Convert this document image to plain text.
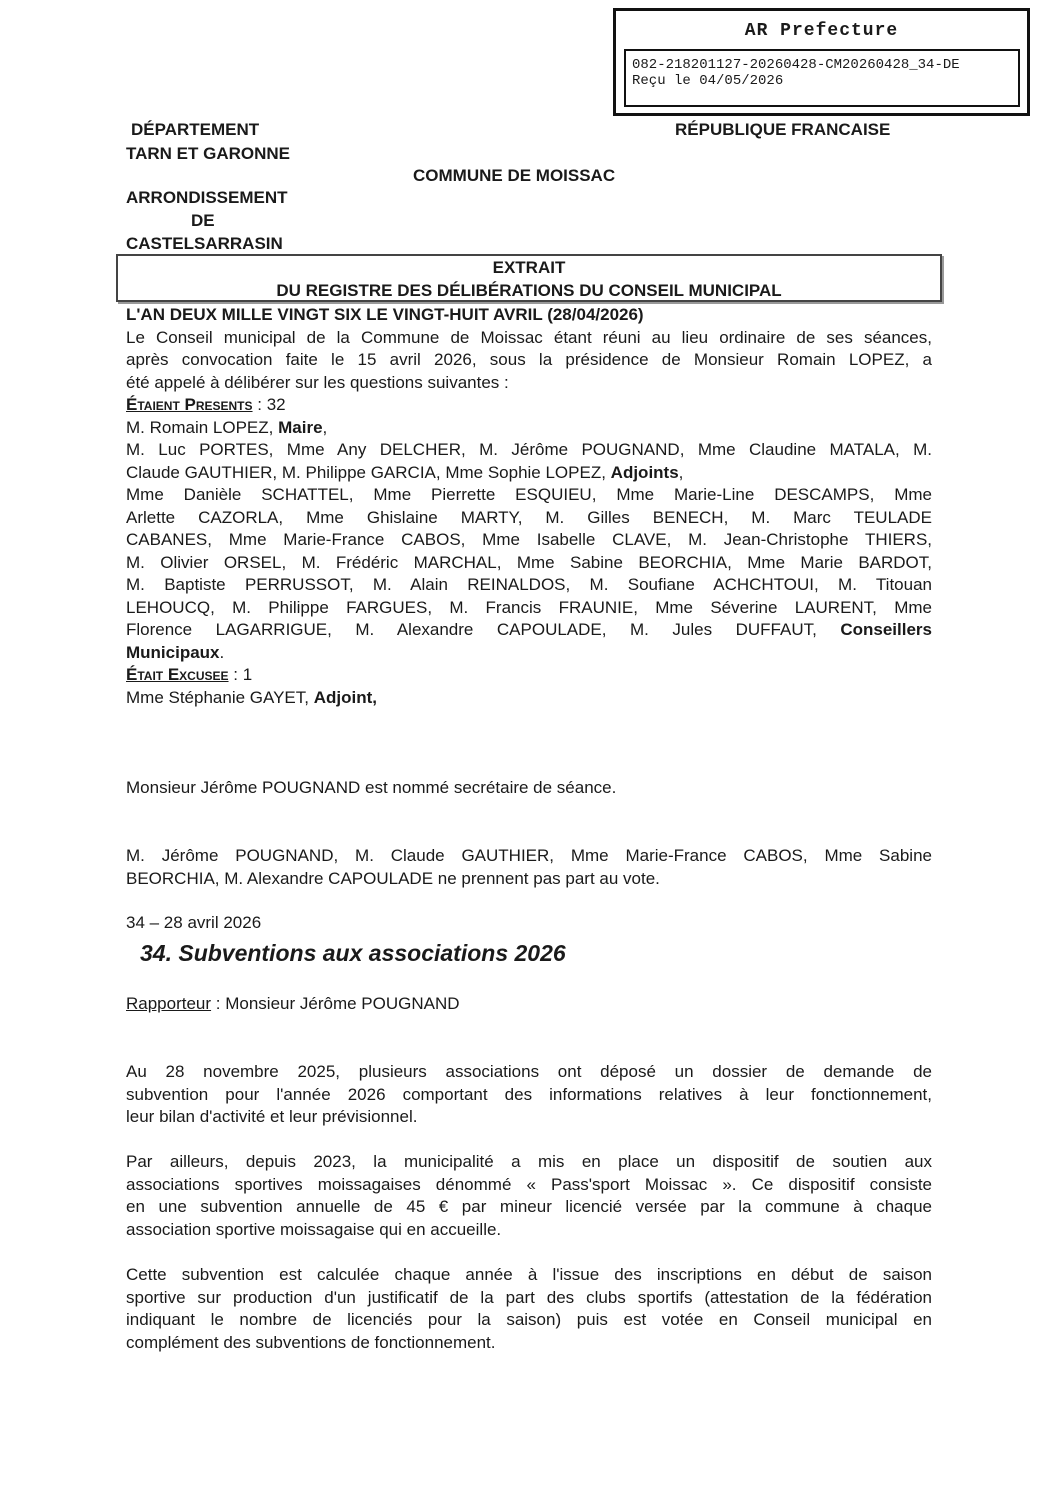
AR Prefecture
082-218201127-20260428-CM20260428_34-DE
Reçu le 04/05/2026
DÉPARTEMENT
TARN ET GARONNE
RÉPUBLIQUE FRANCAISE
COMMUNE DE MOISSAC
ARRONDISSEMENT
DE
CASTELSARRASIN
EXTRAIT
DU REGISTRE DES DÉLIBÉRATIONS DU CONSEIL MUNICIPAL
L'AN DEUX MILLE VINGT SIX LE VINGT-HUIT AVRIL (28/04/2026)
Le Conseil municipal de la Commune de Moissac étant réuni au lieu ordinaire de ses séances,
après convocation faite le 15 avril 2026, sous la présidence de Monsieur Romain LOPEZ, a
été appelé à délibérer sur les questions suivantes :
Étaient Presents : 32
M. Romain LOPEZ, Maire,
M. Luc PORTES, Mme Any DELCHER, M. Jérôme POUGNAND, Mme Claudine MATALA, M.
Claude GAUTHIER, M. Philippe GARCIA, Mme Sophie LOPEZ, Adjoints,
Mme Danièle SCHATTEL, Mme Pierrette ESQUIEU, Mme Marie-Line DESCAMPS, Mme
Arlette CAZORLA, Mme Ghislaine MARTY, M. Gilles BENECH, M. Marc TEULADE
CABANES, Mme Marie-France CABOS, Mme Isabelle CLAVE, M. Jean-Christophe THIERS,
M. Olivier ORSEL, M. Frédéric MARCHAL, Mme Sabine BEORCHIA, Mme Marie BARDOT,
M. Baptiste PERRUSSOT, M. Alain REINALDOS, M. Soufiane ACHCHTOUI, M. Titouan
LEHOUCQ, M. Philippe FARGUES, M. Francis FRAUNIE, Mme Séverine LAURENT, Mme
Florence LAGARRIGUE, M. Alexandre CAPOULADE, M. Jules DUFFAUT, Conseillers
Municipaux.
Était Excusee : 1
Mme Stéphanie GAYET, Adjoint,
Monsieur Jérôme POUGNAND est nommé secrétaire de séance.
M. Jérôme POUGNAND, M. Claude GAUTHIER, Mme Marie-France CABOS, Mme Sabine
BEORCHIA, M. Alexandre CAPOULADE ne prennent pas part au vote.
34 – 28 avril 2026
34. Subventions aux associations 2026
Rapporteur : Monsieur Jérôme POUGNAND
Au 28 novembre 2025, plusieurs associations ont déposé un dossier de demande de
subvention pour l'année 2026 comportant des informations relatives à leur fonctionnement,
leur bilan d'activité et leur prévisionnel.
Par ailleurs, depuis 2023, la municipalité a mis en place un dispositif de soutien aux
associations sportives moissagaises dénommé « Pass'sport Moissac ». Ce dispositif consiste
en une subvention annuelle de 45 € par mineur licencié versée par la commune à chaque
association sportive moissagaise qui en accueille.
Cette subvention est calculée chaque année à l'issue des inscriptions en début de saison
sportive sur production d'un justificatif de la part des clubs sportifs (attestation de la fédération
indiquant le nombre de licenciés pour la saison) puis est votée en Conseil municipal en
complément des subventions de fonctionnement.
